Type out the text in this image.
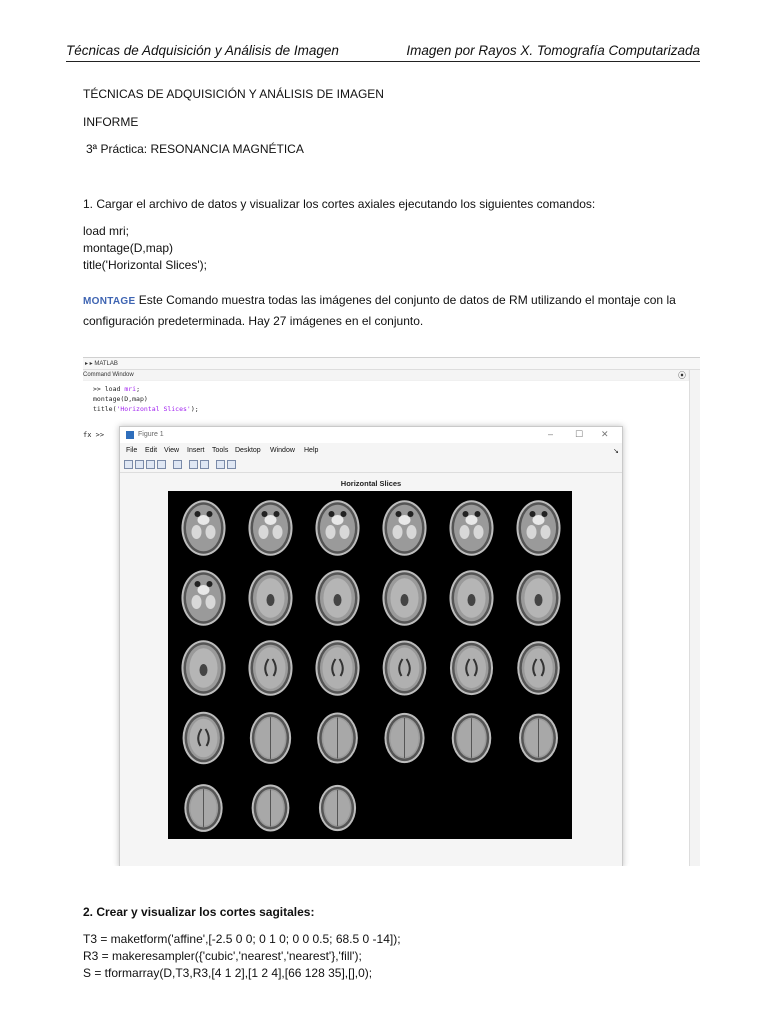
Técnicas de Adquisición y Análisis de Imagen	Imagen por Rayos X. Tomografía Computarizada
TÉCNICAS DE ADQUISICIÓN Y ANÁLISIS DE IMAGEN
INFORME
3ª Práctica: RESONANCIA MAGNÉTICA
1. Cargar el archivo de datos y visualizar los cortes axiales ejecutando los siguientes comandos:
load mri;
montage(D,map)
title('Horizontal Slices');
MONTAGE Este Comando muestra todas las imágenes del conjunto de datos de RM utilizando el montaje con la
configuración predeterminada. Hay 27 imágenes en el conjunto.
▸ ▸ MATLAB
Command Window	⦿
>> load mri;
montage(D,map)
title('Horizontal Slices');
fx >>	Figure 1	– ☐ ✕
File Edit View Insert Tools Desktop Window Help	↘
Horizontal Slices
2. Crear y visualizar los cortes sagitales:
T3 = maketform('affine',[-2.5 0 0; 0 1 0; 0 0 0.5; 68.5 0 -14]);
R3 = makeresampler({'cubic','nearest','nearest'},'fill');
S = tformarray(D,T3,R3,[4 1 2],[1 2 4],[66 128 35],[],0);
